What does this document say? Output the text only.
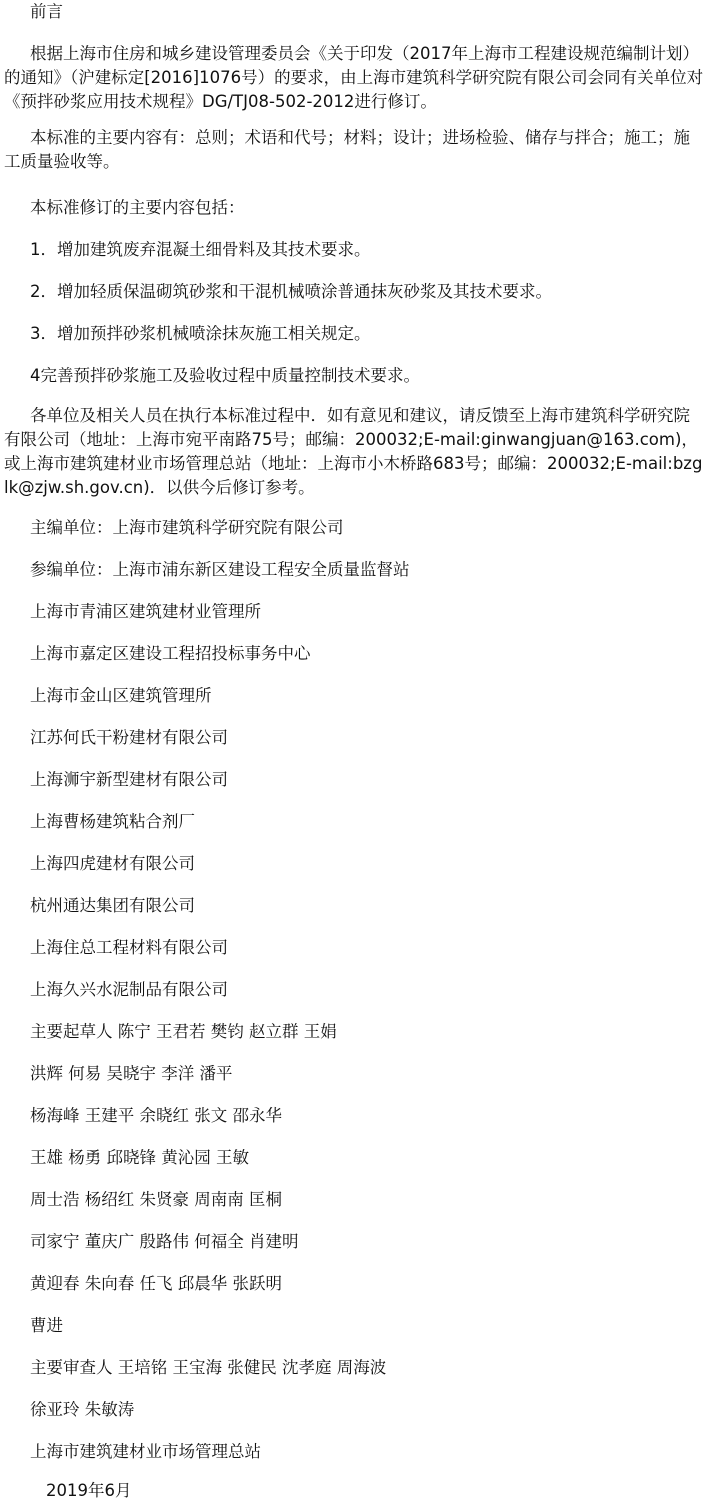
前言
根据上海市住房和城乡建设管理委员会《关于印发（2017年上海市工程建设规范编制计划）的通知》（沪建标定[2016]1076号）的要求，由上海市建筑科学研究院有限公司会同有关单位对《预拌砂浆应用技术规程》DG/TJ08-502-2012进行修订。
本标准的主要内容有：总则；术语和代号；材料；设计；进场检验、储存与拌合；施工；施工质量验收等。
本标准修订的主要内容包括：
1．增加建筑废弃混凝土细骨料及其技术要求。
2．增加轻质保温砌筑砂浆和干混机械喷涂普通抹灰砂浆及其技术要求。
3．增加预拌砂浆机械喷涂抹灰施工相关规定。
4完善预拌砂浆施工及验收过程中质量控制技术要求。
各单位及相关人员在执行本标准过程中．如有意见和建议，请反馈至上海市建筑科学研究院有限公司（地址：上海市宛平南路75号；邮编：200032;E-mail:ginwangjuan@163.com)，或上海市建筑建材业市场管理总站（地址：上海市小木桥路683号；邮编：200032;E-mail:bzglk@zjw.sh.gov.cn)．以供今后修订参考。
主编单位：上海市建筑科学研究院有限公司
参编单位：上海市浦东新区建设工程安全质量监督站
上海市青浦区建筑建材业管理所
上海市嘉定区建设工程招投标事务中心
上海市金山区建筑管理所
江苏何氏干粉建材有限公司
上海浉宇新型建材有限公司
上海曹杨建筑粘合剂厂
上海四虎建材有限公司
杭州通达集团有限公司
上海住总工程材料有限公司
上海久兴水泥制品有限公司
主要起草人 陈宁 王君若 樊钧 赵立群 王娟
洪辉 何易 吴晓宇 李洋 潘平
杨海峰 王建平 余晓红 张文 邵永华
王雄 杨勇 邱晓锋 黄沁园 王敏
周士浩 杨绍红 朱贤豪 周南南 匡桐
司家宁 董庆广 殷路伟 何福全 肖建明
黄迎春 朱向春 任飞 邱晨华 张跃明
曹进
主要审查人 王培铭 王宝海 张健民 沈孝庭 周海波
徐亚玲 朱敏涛
上海市建筑建材业市场管理总站
2019年6月
